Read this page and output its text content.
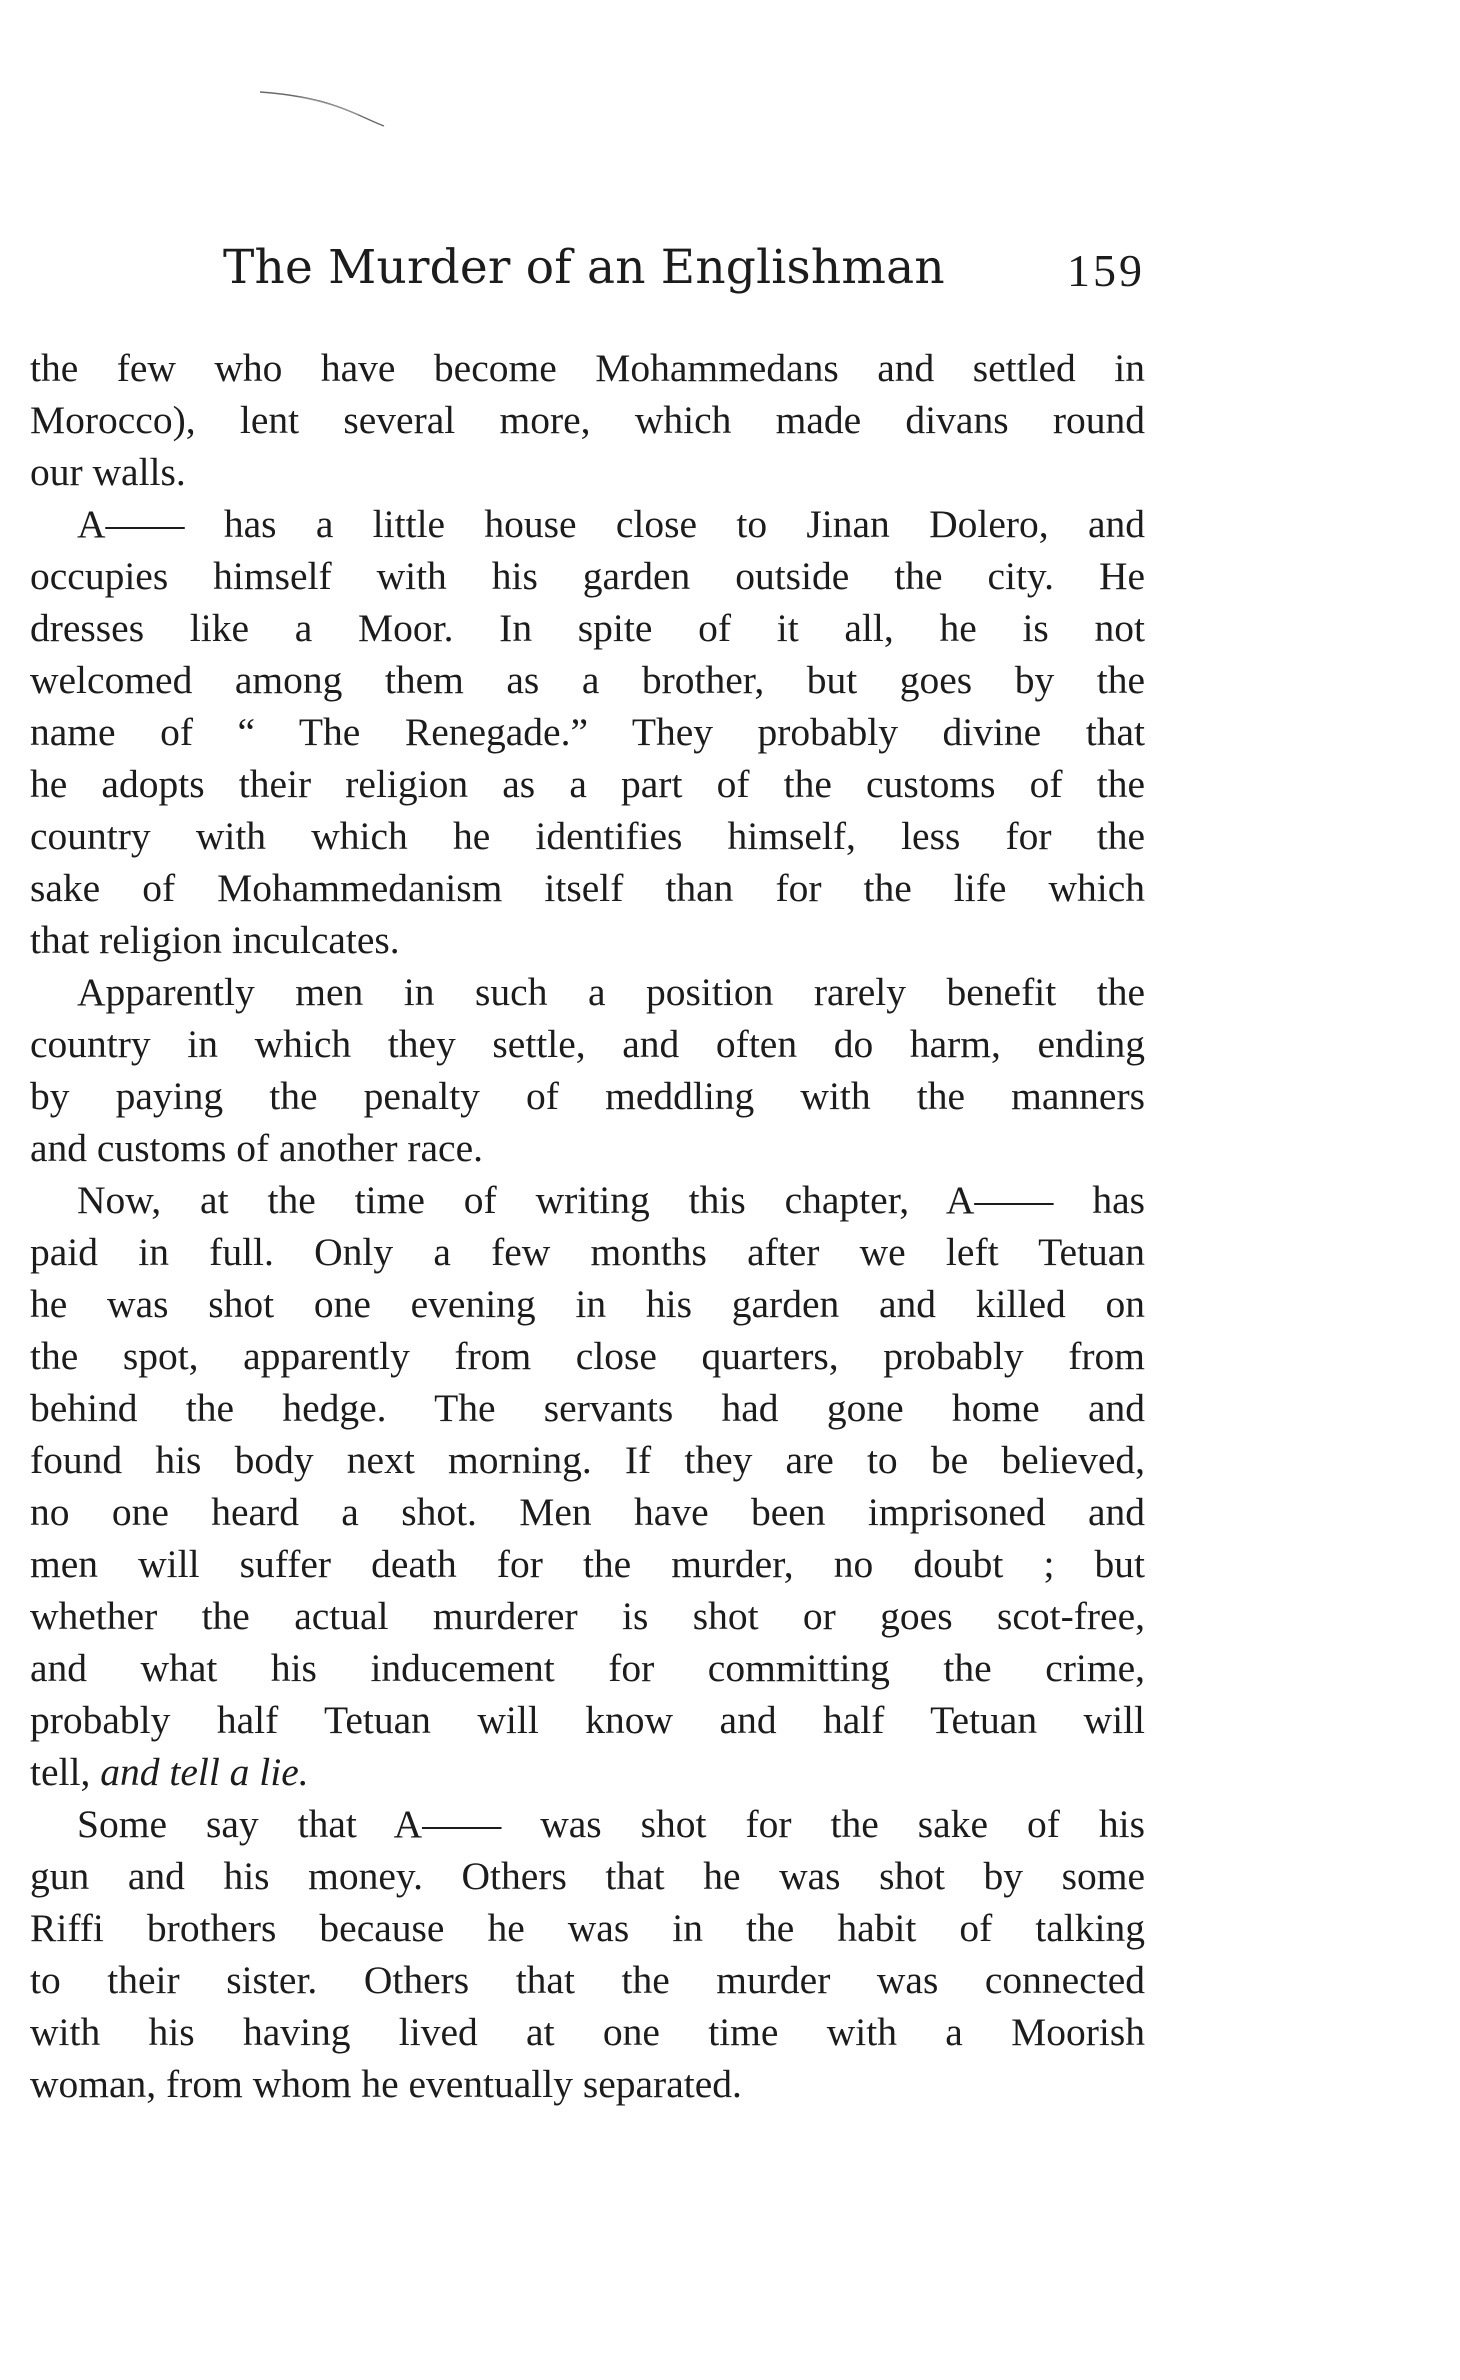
The Murder of an Englishman	159
the few who have become Mohammedans and settled in
Morocco), lent several more, which made divans round
our walls.
A—— has a little house close to Jinan Dolero, and
occupies himself with his garden outside the city. He
dresses like a Moor. In spite of it all, he is not
welcomed among them as a brother, but goes by the
name of “ The Renegade.” They probably divine that
he adopts their religion as a part of the customs of the
country with which he identifies himself, less for the
sake of Mohammedanism itself than for the life which
that religion inculcates.
Apparently men in such a position rarely benefit the
country in which they settle, and often do harm, ending
by paying the penalty of meddling with the manners
and customs of another race.
Now, at the time of writing this chapter, A—— has
paid in full. Only a few months after we left Tetuan
he was shot one evening in his garden and killed on
the spot, apparently from close quarters, probably from
behind the hedge. The servants had gone home and
found his body next morning. If they are to be believed,
no one heard a shot. Men have been imprisoned and
men will suffer death for the murder, no doubt ; but
whether the actual murderer is shot or goes scot-free,
and what his inducement for committing the crime,
probably half Tetuan will know and half Tetuan will
tell, and tell a lie.
Some say that A—— was shot for the sake of his
gun and his money. Others that he was shot by some
Riffi brothers because he was in the habit of talking
to their sister. Others that the murder was connected
with his having lived at one time with a Moorish
woman, from whom he eventually separated.
